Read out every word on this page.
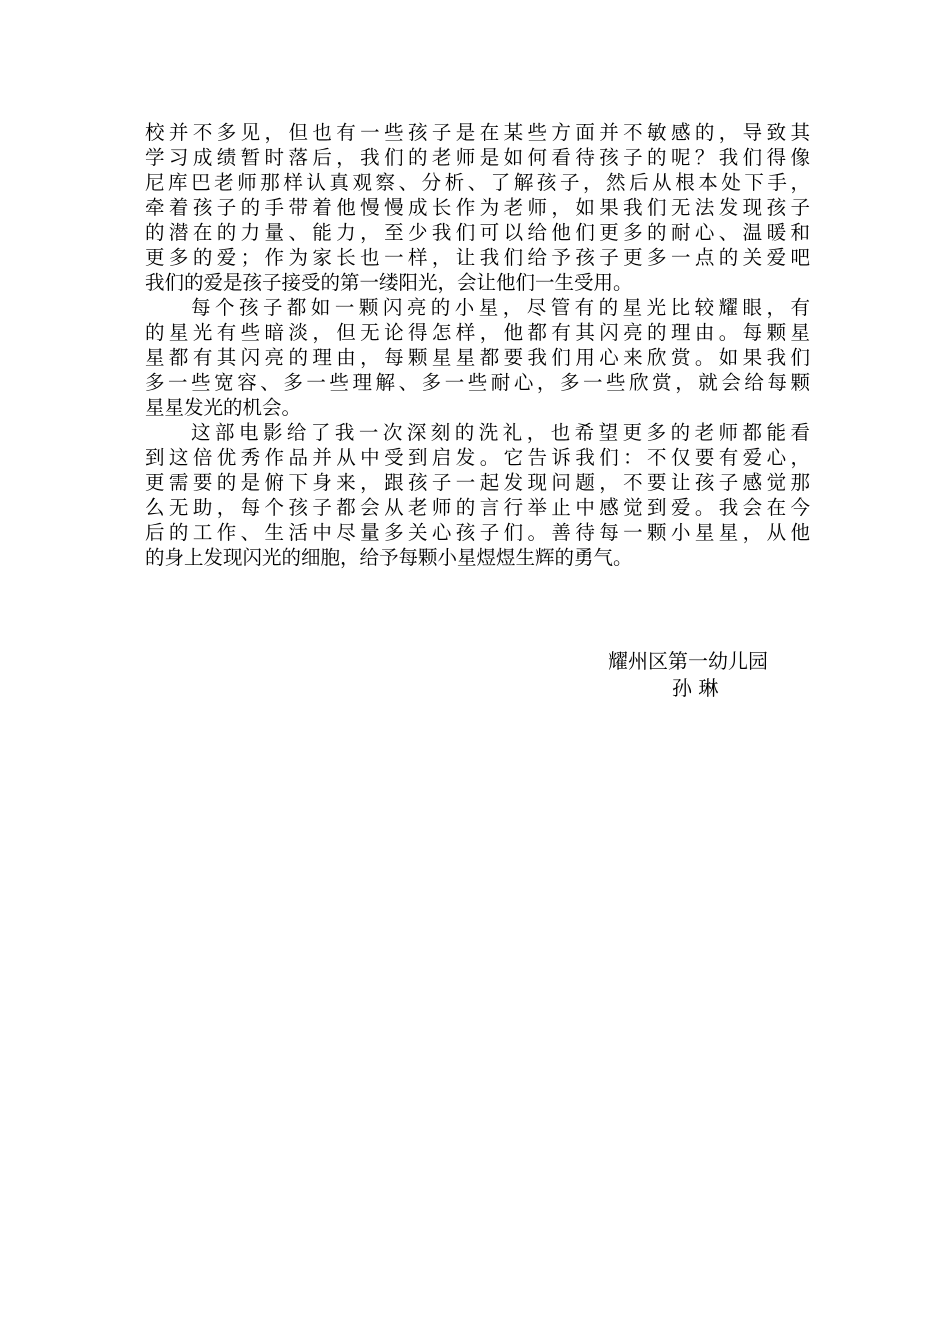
校并不多见，但也有一些孩子是在某些方面并不敏感的，导致其
学习成绩暂时落后，我们的老师是如何看待孩子的呢？我们得像
尼库巴老师那样认真观察、分析、了解孩子，然后从根本处下手，
牵着孩子的手带着他慢慢成长作为老师，如果我们无法发现孩子
的潜在的力量、能力，至少我们可以给他们更多的耐心、温暖和
更多的爱；作为家长也一样，让我们给予孩子更多一点的关爱吧
我们的爱是孩子接受的第一缕阳光，会让他们一生受用。
每个孩子都如一颗闪亮的小星，尽管有的星光比较耀眼，有
的星光有些暗淡，但无论得怎样，他都有其闪亮的理由。每颗星
星都有其闪亮的理由，每颗星星都要我们用心来欣赏。如果我们
多一些宽容、多一些理解、多一些耐心，多一些欣赏，就会给每颗
星星发光的机会。
这部电影给了我一次深刻的洗礼，也希望更多的老师都能看
到这倍优秀作品并从中受到启发。它告诉我们：不仅要有爱心，
更需要的是俯下身来，跟孩子一起发现问题，不要让孩子感觉那
么无助，每个孩子都会从老师的言行举止中感觉到爱。我会在今
后的工作、生活中尽量多关心孩子们。善待每一颗小星星，从他
的身上发现闪光的细胞，给予每颗小星煜煜生辉的勇气。
耀州区第一幼儿园
孙 琳
